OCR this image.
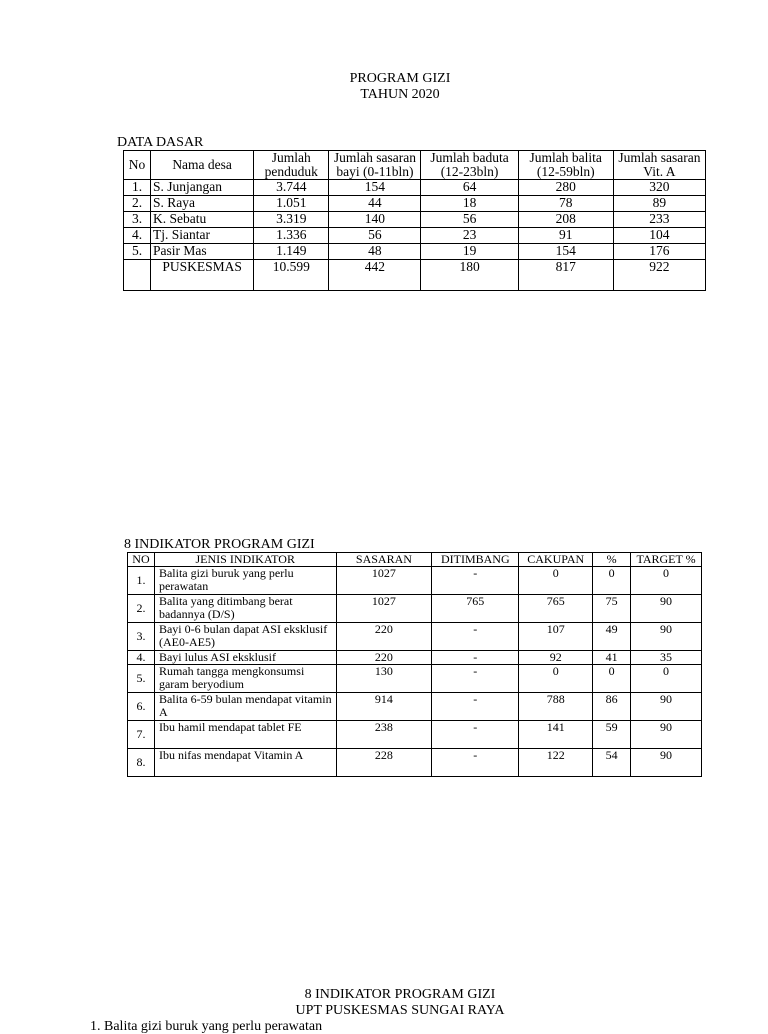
PROGRAM GIZI
TAHUN 2020
DATA DASAR
No	Nama desa	Jumlah penduduk	Jumlah sasaran bayi (0-11bln)	Jumlah baduta (12-23bln)	Jumlah balita (12-59bln)	Jumlah sasaran Vit. A
1.	S. Junjangan	3.744	154	64	280	320
2.	S. Raya	1.051	44	18	78	89
3.	K. Sebatu	3.319	140	56	208	233
4.	Tj. Siantar	1.336	56	23	91	104
5.	Pasir Mas	1.149	48	19	154	176
	PUSKESMAS	10.599	442	180	817	922
8 INDIKATOR PROGRAM GIZI
NO	JENIS INDIKATOR	SASARAN	DITIMBANG	CAKUPAN	%	TARGET %
1.	Balita gizi buruk yang perlu perawatan	1027	-	0	0	0
2.	Balita yang ditimbang berat badannya (D/S)	1027	765	765	75	90
3.	Bayi 0-6 bulan dapat ASI eksklusif (AE0-AE5)	220	-	107	49	90
4.	Bayi lulus ASI eksklusif	220	-	92	41	35
5.	Rumah tangga mengkonsumsi garam beryodium	130	-	0	0	0
6.	Balita 6-59 bulan mendapat vitamin A	914	-	788	86	90
7.	Ibu hamil mendapat tablet FE	238	-	141	59	90
8.	Ibu nifas mendapat Vitamin A	228	-	122	54	90
8 INDIKATOR PROGRAM GIZI
UPT PUSKESMAS SUNGAI RAYA
1. Balita gizi buruk yang perlu perawatan
